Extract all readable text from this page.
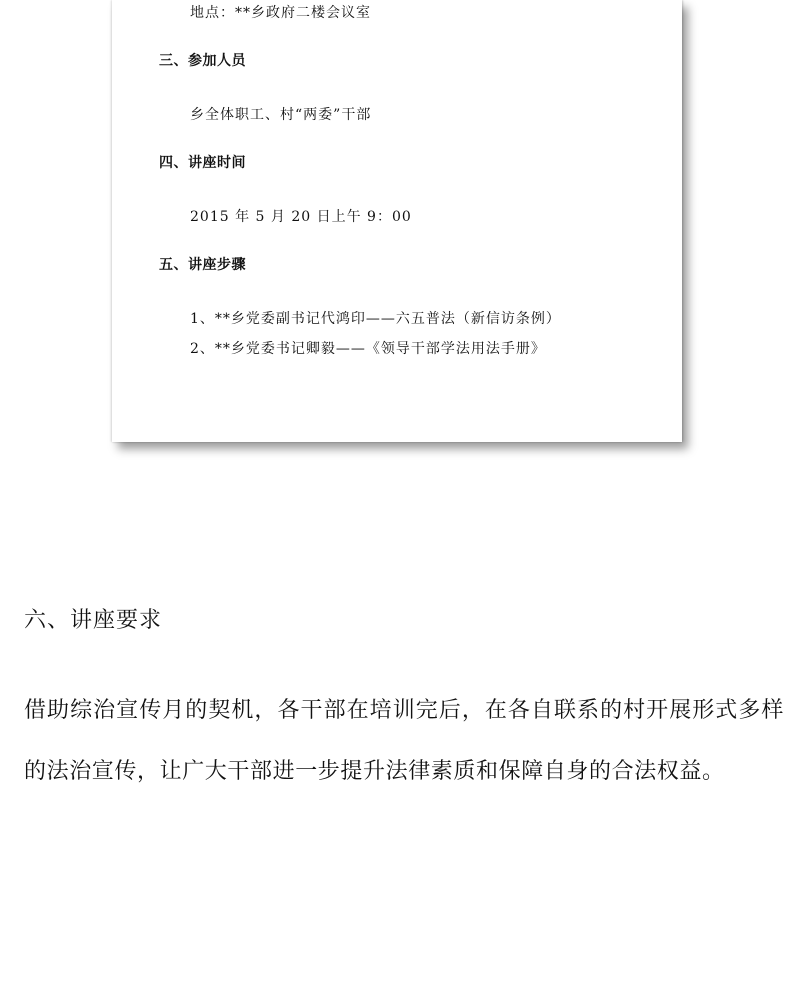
地点：**乡政府二楼会议室
三、参加人员
乡全体职工、村“两委”干部
四、讲座时间
2015 年 5 月 20 日上午 9：00
五、讲座步骤
1、**乡党委副书记代鸿印——六五普法（新信访条例）
2、**乡党委书记卿毅——《领导干部学法用法手册》
六、讲座要求

借助综治宣传月的契机，各干部在培训完后，在各自联系的村开展形式多样的法治宣传，让广大干部进一步提升法律素质和保障自身的合法权益。
